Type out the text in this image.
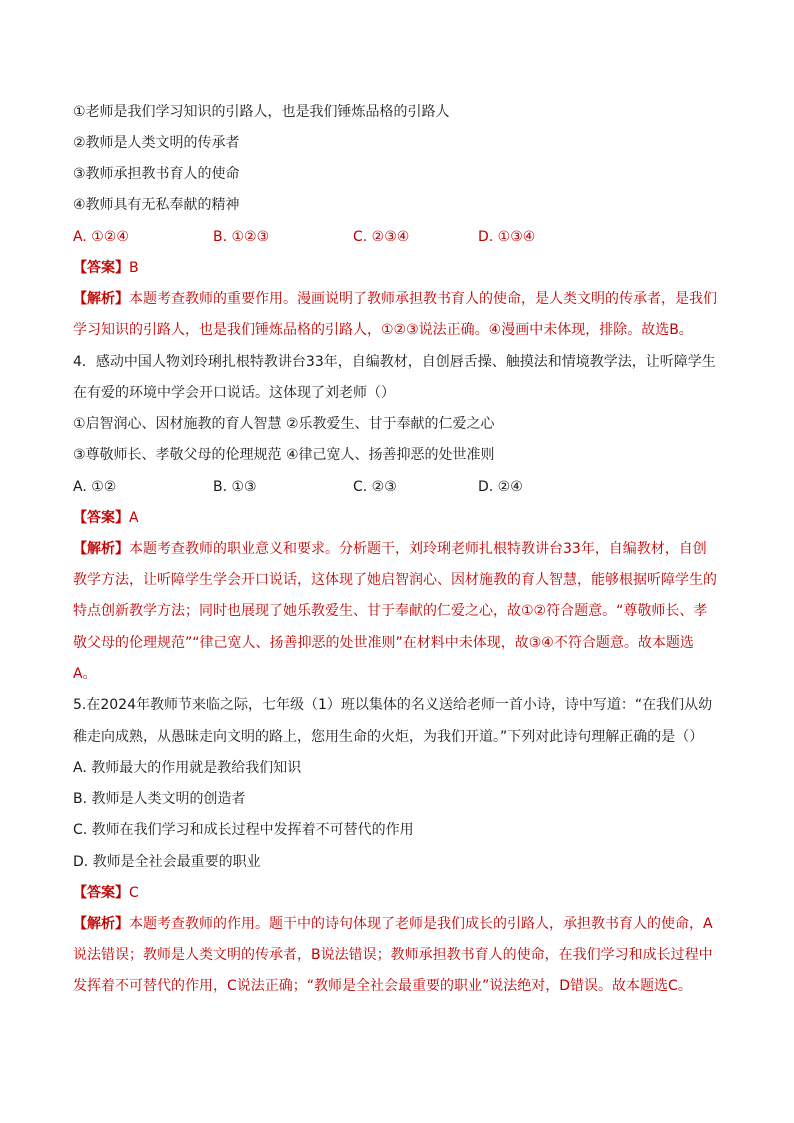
①老师是我们学习知识的引路人，也是我们锤炼品格的引路人
②教师是人类文明的传承者
③教师承担教书育人的使命
④教师具有无私奉献的精神
A. ①②④	B. ①②③	C. ②③④	D. ①③④
【答案】B
【解析】本题考查教师的重要作用。漫画说明了教师承担教书育人的使命，是人类文明的传承者，是我们
学习知识的引路人，也是我们锤炼品格的引路人，①②③说法正确。④漫画中未体现，排除。故选B。
4．感动中国人物刘玲琍扎根特教讲台33年，自编教材，自创唇舌操、触摸法和情境教学法，让听障学生
在有爱的环境中学会开口说话。这体现了刘老师（）
①启智润心、因材施教的育人智慧 ②乐教爱生、甘于奉献的仁爱之心
③尊敬师长、孝敬父母的伦理规范 ④律己宽人、扬善抑恶的处世准则
A. ①②	B. ①③	C. ②③	D. ②④
【答案】A
【解析】本题考查教师的职业意义和要求。分析题干，刘玲琍老师扎根特教讲台33年，自编教材，自创
教学方法，让听障学生学会开口说话，这体现了她启智润心、因材施教的育人智慧，能够根据听障学生的
特点创新教学方法；同时也展现了她乐教爱生、甘于奉献的仁爱之心，故①②符合题意。“尊敬师长、孝
敬父母的伦理规范”“律己宽人、扬善抑恶的处世准则”在材料中未体现，故③④不符合题意。故本题选
A。
5.在2024年教师节来临之际，七年级（1）班以集体的名义送给老师一首小诗，诗中写道：“在我们从幼
稚走向成熟，从愚昧走向文明的路上，您用生命的火炬，为我们开道。”下列对此诗句理解正确的是（）
A. 教师最大的作用就是教给我们知识
B. 教师是人类文明的创造者
C. 教师在我们学习和成长过程中发挥着不可替代的作用
D. 教师是全社会最重要的职业
【答案】C
【解析】本题考查教师的作用。题干中的诗句体现了老师是我们成长的引路人，承担教书育人的使命，A
说法错误；教师是人类文明的传承者，B说法错误；教师承担教书育人的使命，在我们学习和成长过程中
发挥着不可替代的作用，C说法正确；“教师是全社会最重要的职业”说法绝对，D错误。故本题选C。
